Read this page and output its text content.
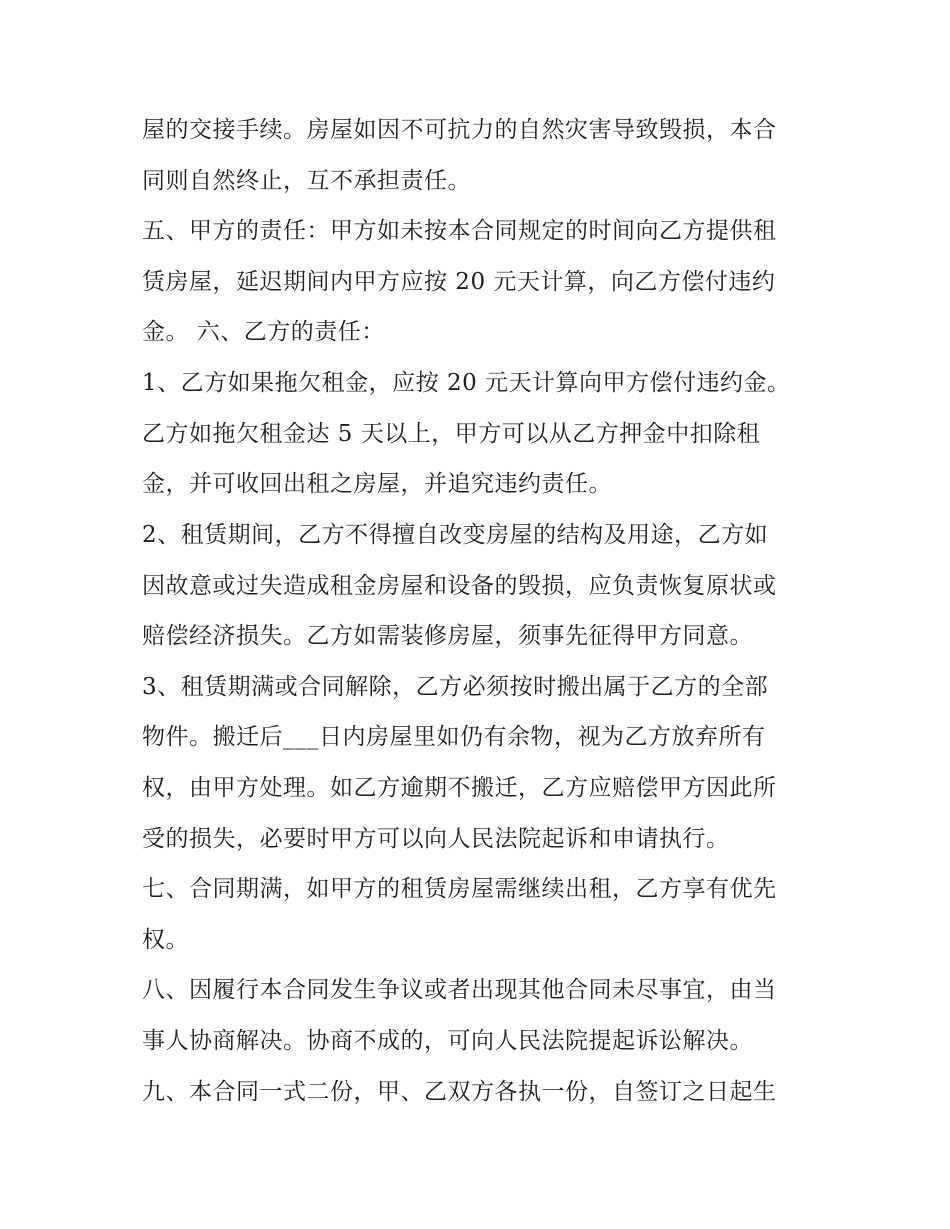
屋的交接手续。房屋如因不可抗力的自然灾害导致毁损，本合
同则自然终止，互不承担责任。
五、甲方的责任：甲方如未按本合同规定的时间向乙方提供租
赁房屋，延迟期间内甲方应按 20 元天计算，向乙方偿付违约
金。 六、乙方的责任：
1、乙方如果拖欠租金，应按 20 元天计算向甲方偿付违约金。
乙方如拖欠租金达 5 天以上，甲方可以从乙方押金中扣除租
金，并可收回出租之房屋，并追究违约责任。
2、租赁期间，乙方不得擅自改变房屋的结构及用途，乙方如
因故意或过失造成租金房屋和设备的毁损，应负责恢复原状或
赔偿经济损失。乙方如需装修房屋，须事先征得甲方同意。
3、租赁期满或合同解除，乙方必须按时搬出属于乙方的全部
物件。搬迁后___日内房屋里如仍有余物，视为乙方放弃所有
权，由甲方处理。如乙方逾期不搬迁，乙方应赔偿甲方因此所
受的损失，必要时甲方可以向人民法院起诉和申请执行。
七、合同期满，如甲方的租赁房屋需继续出租，乙方享有优先
权。
八、因履行本合同发生争议或者出现其他合同未尽事宜，由当
事人协商解决。协商不成的，可向人民法院提起诉讼解决。
九、本合同一式二份，甲、乙双方各执一份，自签订之日起生
